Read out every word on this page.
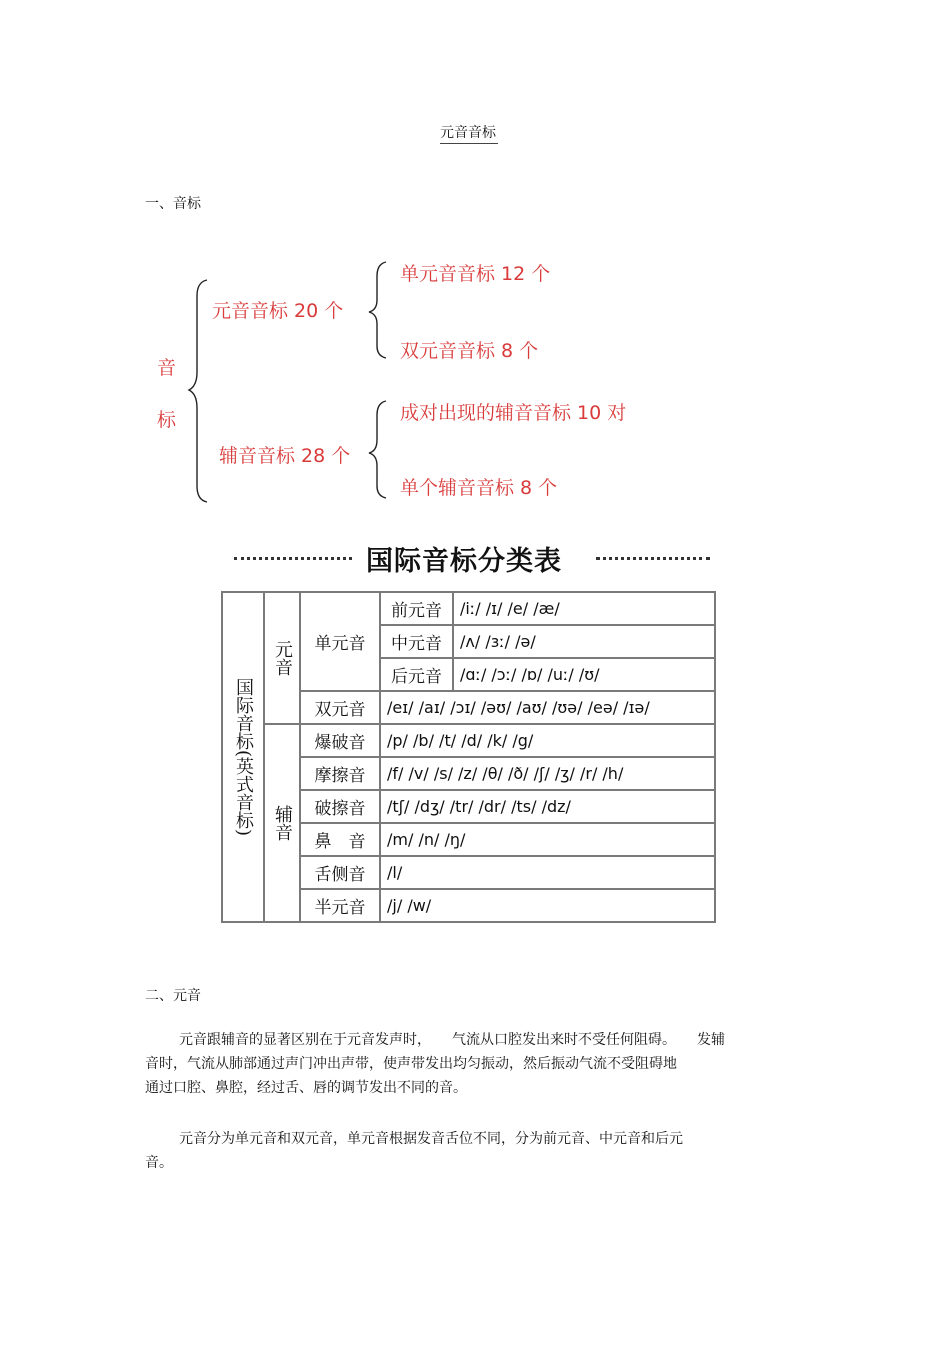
元音音标
一、音标
音
标
元音音标 20 个
单元音音标 12 个
双元音音标 8 个
辅音音标 28 个
成对出现的辅音音标 10 对
单个辅音音标 8 个
国际音标分类表
国际音标(英式音标)	元音	单元音	前元音	/iː/ /ɪ/ /e/ /æ/
			中元音	/ʌ/ /ɜː/ /ə/
			后元音	/ɑː/ /ɔː/ /ɒ/ /uː/ /ʊ/
		双元音	/eɪ/ /aɪ/ /ɔɪ/ /əʊ/ /aʊ/ /ʊə/ /eə/ /ɪə/	
	辅音	爆破音	/p/ /b/ /t/ /d/ /k/ /g/	
		摩擦音	/f/ /v/ /s/ /z/ /θ/ /ð/ /ʃ/ /ʒ/ /r/ /h/	
		破擦音	/tʃ/ /dʒ/ /tr/ /dr/ /ts/ /dz/	
		鼻　音	/m/ /n/ /ŋ/	
		舌侧音	/l/	
		半元音	/j/ /w/	
二、元音
元音跟辅音的显著区别在于元音发声时，　　气流从口腔发出来时不受任何阻碍。　　发辅
音时，气流从肺部通过声门冲出声带，使声带发出均匀振动，然后振动气流不受阻碍地
通过口腔、鼻腔，经过舌、唇的调节发出不同的音。
元音分为单元音和双元音，单元音根据发音舌位不同，分为前元音、中元音和后元
音。
